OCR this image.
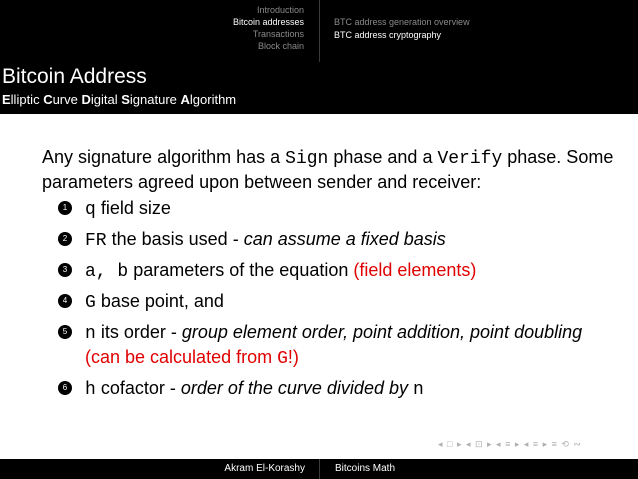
Introduction
Bitcoin addresses
Transactions
Block chain
BTC address generation overview
BTC address cryptography
Bitcoin Address
Elliptic Curve Digital Signature Algorithm

Any signature algorithm has a Sign phase and a Verify phase. Some parameters agreed upon between sender and receiver:

1 q field size
2 FR the basis used - can assume a fixed basis
3 a, b parameters of the equation (field elements)
4 G base point, and
5 n its order - group element order, point addition, point doubling (can be calculated from G!)
6 h cofactor - order of the curve divided by n
◂ □ ▸ ◂ ⊡ ▸ ◂ ≡ ▸ ◂ ≡ ▸ ≡ ⟲ ∾
Akram El-Korashy	Bitcoins Math
